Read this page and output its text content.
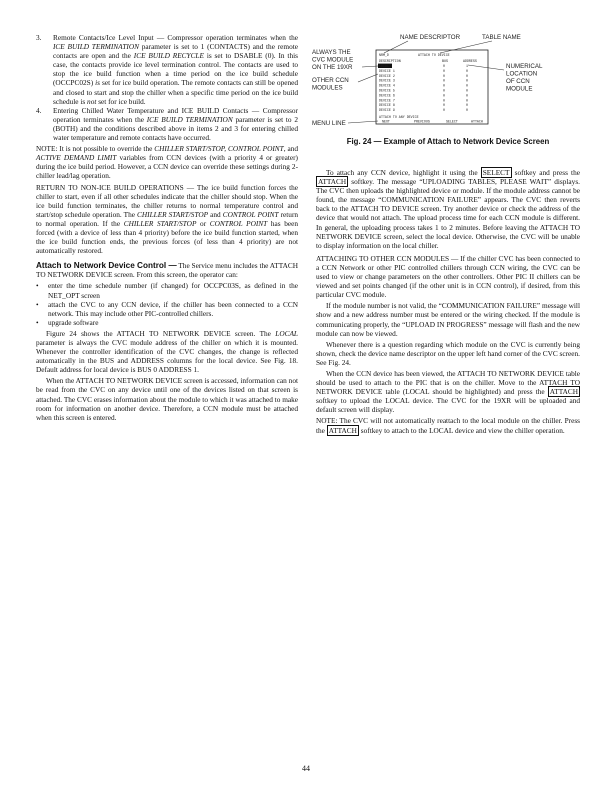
3.	Remote Contacts/Ice Level Input — Compressor operation terminates when the ICE BUILD TERMINATION parameter is set to 1 (CONTACTS) and the remote contacts are open and the ICE BUILD RECYCLE is set to DSABLE (0). In this case, the contacts provide ice level termination control. The contacts are used to stop the ice build function when a time period on the ice build schedule (OCCPC02S) is set for ice build operation. The remote contacts can still be opened and closed to start and stop the chiller when a specific time period on the ice build schedule is not set for ice build.
4.	Entering Chilled Water Temperature and ICE BUILD Contacts — Compressor operation terminates when the ICE BUILD TERMINATION parameter is set to 2 (BOTH) and the conditions described above in items 2 and 3 for entering chilled water temperature and remote contacts have occurred.

NOTE: It is not possible to override the CHILLER START/STOP, CONTROL POINT, and ACTIVE DEMAND LIMIT variables from CCN devices (with a priority 4 or greater) during the ice build period. However, a CCN device can override these settings during 2-chiller lead/lag operation.

RETURN TO NON-ICE BUILD OPERATIONS — The ice build function forces the chiller to start, even if all other schedules indicate that the chiller should stop. When the ice build function terminates, the chiller returns to normal temperature control and start/stop schedule operation. The CHILLER START/STOP and CONTROL POINT return to normal operation. If the CHILLER START/STOP or CONTROL POINT has been forced (with a device of less than 4 priority) before the ice build function started, when the ice build function ends, the previous forces (of less than 4 priority) are not automatically restored.

Attach to Network Device Control — The Service menu includes the ATTACH TO NETWORK DEVICE screen. From this screen, the operator can:

•	enter the time schedule number (if changed) for OCCPC03S, as defined in the NET_OPT screen
•	attach the CVC to any CCN device, if the chiller has been connected to a CCN network. This may include other PIC-controlled chillers.
•	upgrade software

Figure 24 shows the ATTACH TO NETWORK DEVICE screen. The LOCAL parameter is always the CVC module address of the chiller on which it is mounted. Whenever the controller identification of the CVC changes, the change is reflected automatically in the BUS and ADDRESS columns for the local device. See Fig. 18. Default address for local device is BUS 0 ADDRESS 1.

When the ATTACH TO NETWORK DEVICE screen is accessed, information can not be read from the CVC on any device until one of the devices listed on that screen is attached. The CVC erases information about the module to which it was attached to make room for information on another device. Therefore, a CCN module must be attached when this screen is entered.

NRM_D	ATTACH TO DEVICE
DESCRIPTION	BUS	ADDRESS
LOCAL	0	1
DEVICE 1	0	0
DEVICE 2	0	0
DEVICE 3	0	0
DEVICE 4	0	0
DEVICE 5	0	0
DEVICE 6	0	0
DEVICE 7	0	0
DEVICE 8	0	0
DEVICE 9	0	0
ATTACH TO ANY DEVICE
NEXT	PREVIOUS	SELECT	ATTACH
NAME DESCRIPTOR	TABLE NAME
ALWAYS THE
CVC MODULE
ON THE 19XR
OTHER CCN
MODULES
MENU LINE
NUMERICAL
LOCATION
OF CCN
MODULE
Fig. 24 — Example of Attach to Network Device Screen

To attach any CCN device, highlight it using the SELECT softkey and press the ATTACH softkey. The message “UPLOADING TABLES, PLEASE WAIT” displays. The CVC then uploads the highlighted device or module. If the module address cannot be found, the message “COMMUNICATION FAILURE” appears. The CVC then reverts back to the ATTACH TO DEVICE screen. Try another device or check the address of the device that would not attach. The upload process time for each CCN module is different. In general, the uploading process takes 1 to 2 minutes. Before leaving the ATTACH TO NETWORK DEVICE screen, select the local device. Otherwise, the CVC will be unable to display information on the local chiller.

ATTACHING TO OTHER CCN MODULES — If the chiller CVC has been connected to a CCN Network or other PIC controlled chillers through CCN wiring, the CVC can be used to view or change parameters on the other controllers. Other PIC II chillers can be viewed and set points changed (if the other unit is in CCN control), if desired, from this particular CVC module.

If the module number is not valid, the “COMMUNICATION FAILURE” message will show and a new address number must be entered or the wiring checked. If the module is communicating properly, the “UPLOAD IN PROGRESS” message will flash and the new module can now be viewed.

Whenever there is a question regarding which module on the CVC is currently being shown, check the device name descriptor on the upper left hand corner of the CVC screen. See Fig. 24.

When the CCN device has been viewed, the ATTACH TO NETWORK DEVICE table should be used to attach to the PIC that is on the chiller. Move to the ATTACH TO NETWORK DEVICE table (LOCAL should be highlighted) and press the ATTACH softkey to upload the LOCAL device. The CVC for the 19XR will be uploaded and default screen will display.

NOTE: The CVC will not automatically reattach to the local module on the chiller. Press the ATTACH softkey to attach to the LOCAL device and view the chiller operation.

44
